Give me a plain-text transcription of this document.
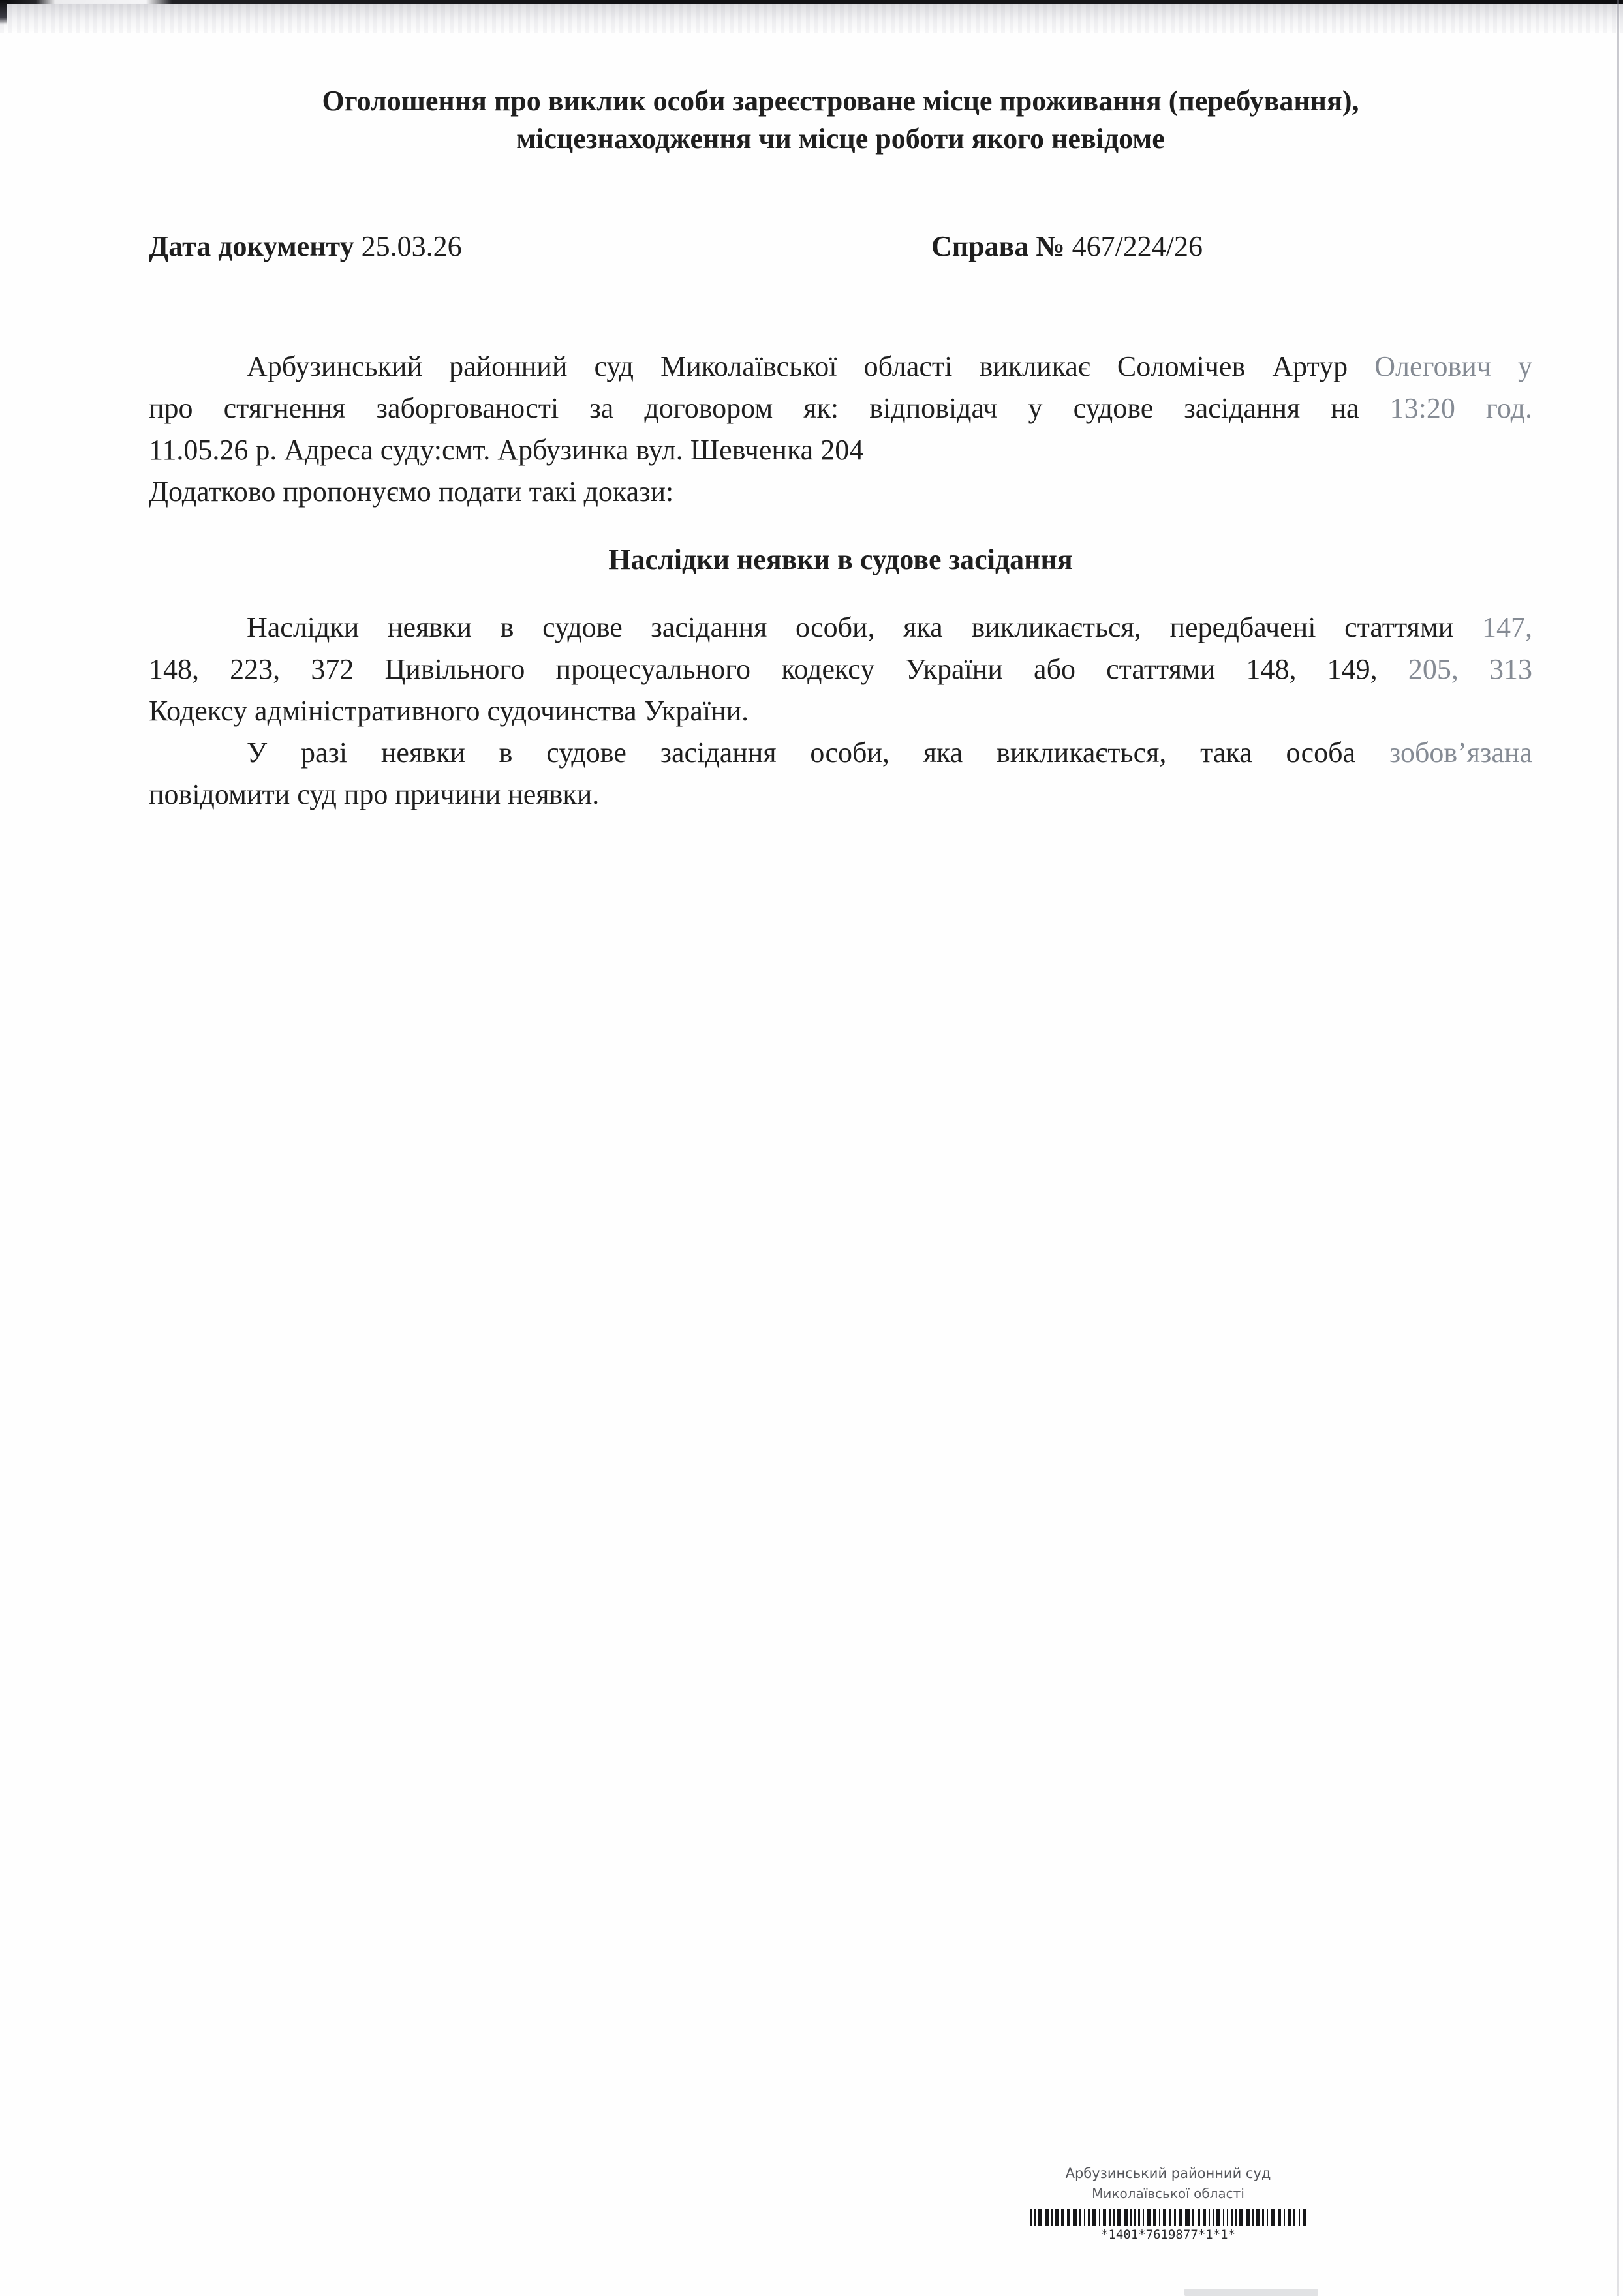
Оголошення про виклик особи зареєстроване місце проживання (перебування),
місцезнаходження чи місце роботи якого невідоме
Дата документу 25.03.26	Справа № 467/224/26
Арбузинський районний суд Миколаївської області викликає Соломічев Артур Олегович у
про стягнення заборгованості за договором як: відповідач у судове засідання на 13:20 год.
11.05.26 р. Адреса суду:смт. Арбузинка вул. Шевченка 204
Додатково пропонуємо подати такі докази:
Наслідки неявки в судове засідання
Наслідки неявки в судове засідання особи, яка викликається, передбачені статтями 147,
148, 223, 372 Цивільного процесуального кодексу України або статтями 148, 149, 205, 313
Кодексу адміністративного судочинства України.
У разі неявки в судове засідання особи, яка викликається, така особа зобов’язана
повідомити суд про причини неявки.
Арбузинський районний суд
Миколаївської області
*1401*7619877*1*1*
